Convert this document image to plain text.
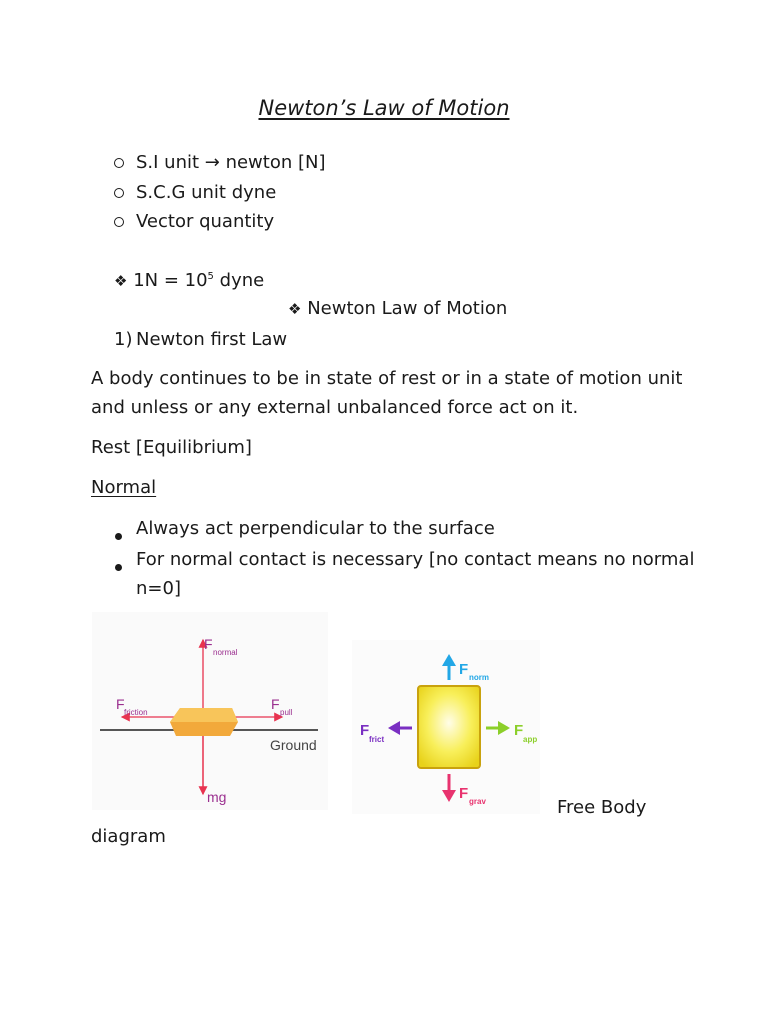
Newton’s Law of Motion
S.I unit → newton [N]
S.C.G unit dyne
Vector quantity
❖ $1N = 10^5$ dyne
❖ Newton Law of Motion
1) Newton first Law
A body continues to be in state of rest or in a state of motion unit
and unless or any external unbalanced force act on it.
Rest [Equilibrium]
Normal
Always act perpendicular to the surface
For normal contact is necessary [no contact means no normal
n=0]
F
normal
F
friction
F
pull
Ground
mg
F norm
F
frict
F
app
F grav	Free Body
diagram
